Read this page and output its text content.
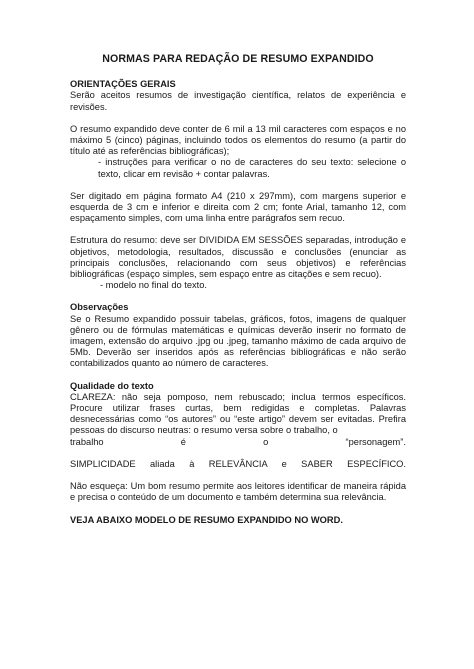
NORMAS PARA REDAÇÃO DE RESUMO EXPANDIDO
ORIENTAÇÕES GERAIS

Serão aceitos resumos de investigação científica, relatos de experiência e revisões.

O resumo expandido deve conter de 6 mil a 13 mil caracteres com espaços e no máximo 5 (cinco) páginas, incluindo todos os elementos do resumo (a partir do título até as referências bibliográficas);

- instruções para verificar o no de caracteres do seu texto: selecione o texto, clicar em revisão + contar palavras.

Ser digitado em página formato A4 (210 x 297mm), com margens superior e esquerda de 3 cm e inferior e direita com 2 cm; fonte Arial, tamanho 12, com espaçamento simples, com uma linha entre parágrafos sem recuo.

Estrutura do resumo: deve ser DIVIDIDA EM SESSÕES separadas, introdução e objetivos, metodologia, resultados, discussão e conclusões (enunciar as principais conclusões, relacionando com seus objetivos) e referências bibliográficas (espaço simples, sem espaço entre as citações e sem recuo).

- modelo no final do texto.

Observações

Se o Resumo expandido possuir tabelas, gráficos, fotos, imagens de qualquer gênero ou de fórmulas matemáticas e químicas deverão inserir no formato de imagem, extensão do arquivo .jpg ou .jpeg, tamanho máximo de cada arquivo de 5Mb. Deverão ser inseridos após as referências bibliográficas e não serão contabilizados quanto ao número de caracteres.

Qualidade do texto

CLAREZA: não seja pomposo, nem rebuscado; inclua termos específicos. Procure utilizar frases curtas, bem redigidas e completas. Palavras desnecessárias como “os autores” ou “este artigo” devem ser evitadas. Prefira pessoas do discurso neutras: o resumo versa sobre o trabalho, o

trabalho	é	o	“personagem”.

SIMPLICIDADE aliada à RELEVÂNCIA e SABER ESPECÍFICO.

Não esqueça: Um bom resumo permite aos leitores identificar de maneira rápida e precisa o conteúdo de um documento e também determina sua relevância.

VEJA ABAIXO MODELO DE RESUMO EXPANDIDO NO WORD.
